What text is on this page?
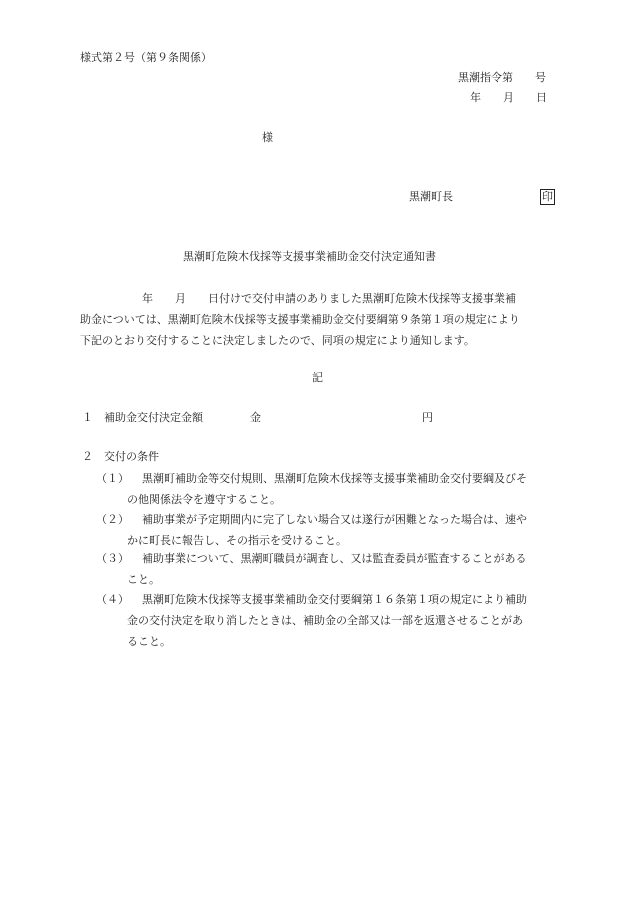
様式第２号（第９条関係）
黒潮指令第　　号
年　　月　　日
様
黒潮町長	印
黒潮町危険木伐採等支援事業補助金交付決定通知書
年　　月　　日付けで交付申請のありました黒潮町危険木伐採等支援事業補
助金については、黒潮町危険木伐採等支援事業補助金交付要綱第９条第１項の規定により
下記のとおり交付することに決定しましたので、同項の規定により通知します。
記
１ 補助金交付決定金額	金	円
２ 交付の条件
（１） 黒潮町補助金等交付規則、黒潮町危険木伐採等支援事業補助金交付要綱及びそ
の他関係法令を遵守すること。
（２） 補助事業が予定期間内に完了しない場合又は遂行が困難となった場合は、速や
かに町長に報告し、その指示を受けること。
（３） 補助事業について、黒潮町職員が調査し、又は監査委員が監査することがある
こと。
（４） 黒潮町危険木伐採等支援事業補助金交付要綱第１６条第１項の規定により補助
金の交付決定を取り消したときは、補助金の全部又は一部を返還させることがあ
ること。
